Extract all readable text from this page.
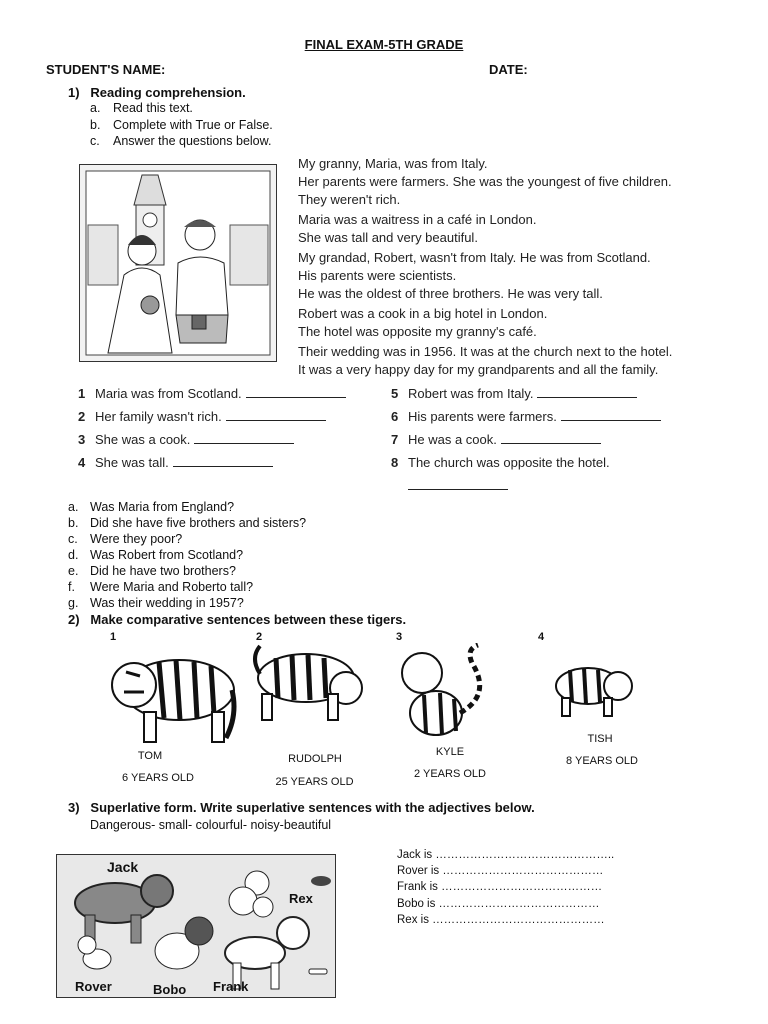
FINAL EXAM-5TH GRADE
STUDENT'S NAME:	DATE:
1)   Reading comprehension.
a. Read this text.
b. Complete with True or False.
c. Answer the questions below.

My granny, Maria, was from Italy.

Her parents were farmers. She was the youngest of five children.

They weren't rich.

Maria was a waitress in a café in London.

She was tall and very beautiful.

My grandad, Robert, wasn't from Italy. He was from Scotland.

His parents were scientists.

He was the oldest of three brothers. He was very tall.

Robert was a cook in a big hotel in London.

The hotel was opposite my granny's café.

Their wedding was in 1956. It was at the church next to the hotel.

It was a very happy day for my grandparents and all the family.

1 Maria was from Scotland.
2 Her family wasn't rich.
3 She was a cook.
4 She was tall.
5 Robert was from Italy.
6 His parents were farmers.
7 He was a cook.
8 The church was opposite the hotel.
a. Was Maria from England?
b. Did she have five brothers and sisters?
c. Were they poor?
d. Was Robert from Scotland?
e. Did he have two brothers?
f. Were Maria and Roberto tall?
g. Was their wedding in 1957?
2)   Make comparative sentences between these tigers.
1	2	3	4
TOM
6 YEARS OLD
RUDOLPH
25 YEARS OLD
KYLE
2 YEARS OLD
TISH
8 YEARS OLD
3)   Superlative form. Write superlative sentences with the adjectives below.
Dangerous- small- colourful- noisy-beautiful
Jack
Rex
Rover	Bobo Frank
Jack is ………………………………………..
Rover is ……………………………………
Frank is ……………………………………
Bobo is ……………………………………
Rex is ………………………………………
